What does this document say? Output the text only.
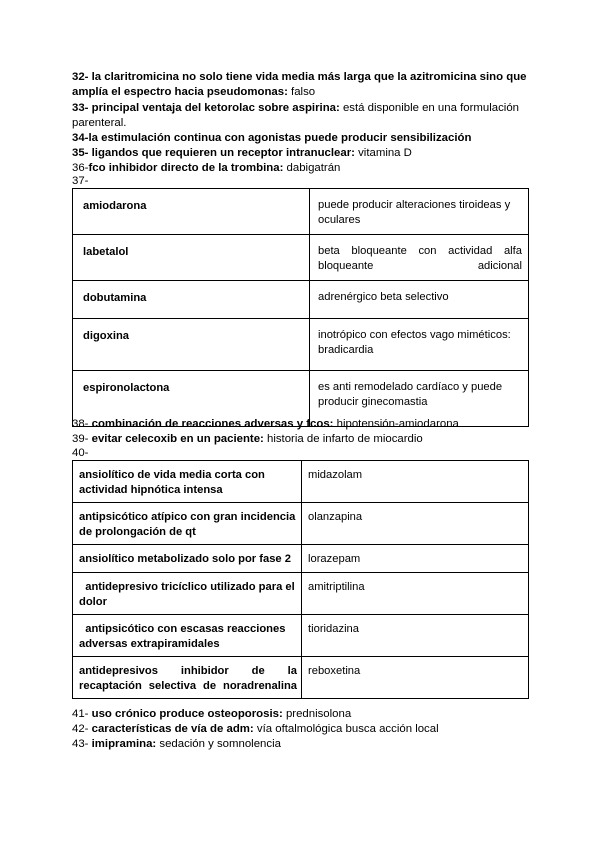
32- la claritromicina no solo tiene vida media más larga que la azitromicina sino que
amplía el espectro hacia pseudomonas: falso
33- principal ventaja del ketorolac sobre aspirina: está disponible en una formulación
parenteral.
34-la estimulación continua con agonistas puede producir sensibilización
35- ligandos que requieren un receptor intranuclear: vitamina D
36-fco inhibidor directo de la trombina: dabigatrán
37-
amiodarona	puede producir alteraciones tiroideas y oculares
labetalol	beta bloqueante con actividad alfa bloqueante adicional
dobutamina	adrenérgico beta selectivo
digoxina	inotrópico con efectos vago miméticos: bradicardia
espironolactona	es anti remodelado cardíaco y puede producir ginecomastia
38- combinación de reacciones adversas y fcos: hipotensión-amiodarona
39- evitar celecoxib en un paciente: historia de infarto de miocardio
40-
ansiolítico de vida media corta con actividad hipnótica intensa	midazolam
antipsicótico atípico con gran incidencia de prolongación de qt	olanzapina
ansiolítico metabolizado solo por fase 2	lorazepam
antidepresivo tricíclico utilizado para el dolor	amitriptilina
antipsicótico con escasas reacciones adversas extrapiramidales	tioridazina
antidepresivos inhibidor de la recaptación selectiva de noradrenalina	reboxetina
41- uso crónico produce osteoporosis: prednisolona
42- características de vía de adm: vía oftalmológica busca acción local
43- imipramina: sedación y somnolencia
